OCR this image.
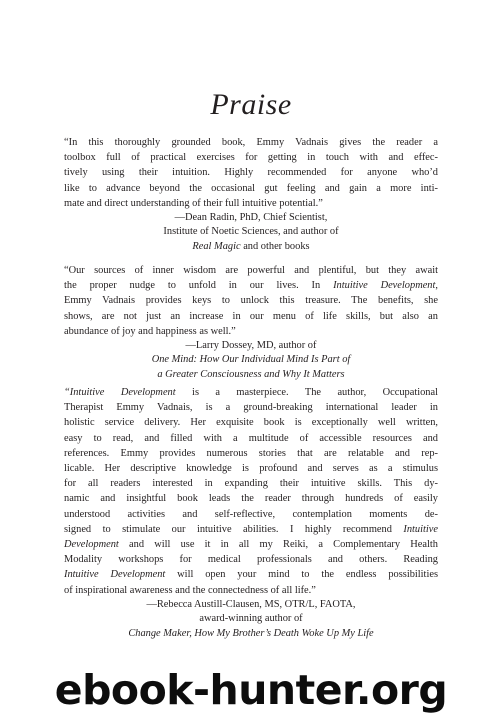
Praise

“In this thoroughly grounded book, Emmy Vadnais gives the reader a
toolbox full of practical exercises for getting in touch with and effec-
tively using their intuition. Highly recommended for anyone who’d
like to advance beyond the occasional gut feeling and gain a more inti-
mate and direct understanding of their full intuitive potential.”

—Dean Radin, PhD, Chief Scientist,
Institute of Noetic Sciences, and author of
Real Magic and other books

“Our sources of inner wisdom are powerful and plentiful, but they await
the proper nudge to unfold in our lives. In Intuitive Development,
Emmy Vadnais provides keys to unlock this treasure. The benefits, she
shows, are not just an increase in our menu of life skills, but also an
abundance of joy and happiness as well.”

—Larry Dossey, MD, author of
One Mind: How Our Individual Mind Is Part of
a Greater Consciousness and Why It Matters

“Intuitive Development is a masterpiece. The author, Occupational
Therapist Emmy Vadnais, is a ground-breaking international leader in
holistic service delivery. Her exquisite book is exceptionally well written,
easy to read, and filled with a multitude of accessible resources and
references. Emmy provides numerous stories that are relatable and rep-
licable. Her descriptive knowledge is profound and serves as a stimulus
for all readers interested in expanding their intuitive skills. This dy-
namic and insightful book leads the reader through hundreds of easily
understood activities and self-reflective, contemplation moments de-
signed to stimulate our intuitive abilities. I highly recommend Intuitive
Development and will use it in all my Reiki, a Complementary Health
Modality workshops for medical professionals and others. Reading
Intuitive Development will open your mind to the endless possibilities
of inspirational awareness and the connectedness of all life.”

—Rebecca Austill-Clausen, MS, OTR/L, FAOTA,
award-winning author of
Change Maker, How My Brother’s Death Woke Up My Life
ebook-hunter.org
